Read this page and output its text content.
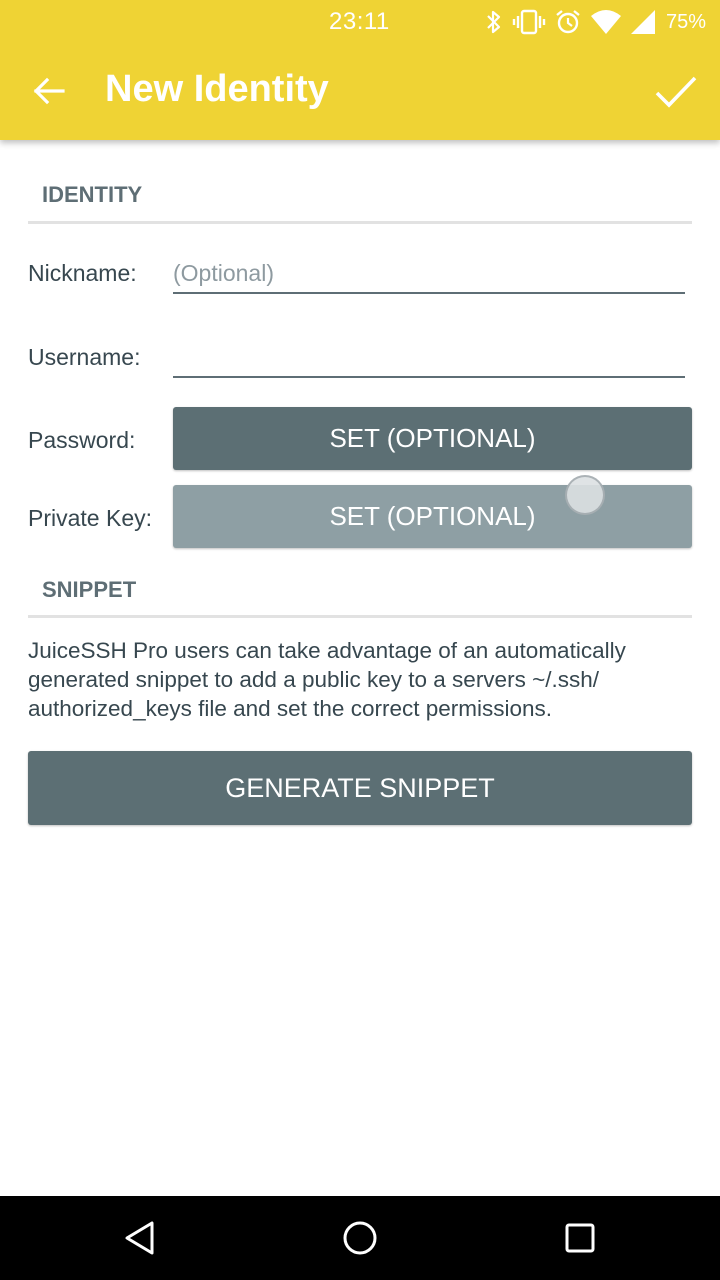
23:11	75%
New Identity
IDENTITY
Nickname:
(Optional)
Username:
Password:	SET (OPTIONAL)
Private Key:	SET (OPTIONAL)
SNIPPET
JuiceSSH Pro users can take advantage of an automatically generated snippet to add a public key to a servers ~/.ssh/ authorized_keys file and set the correct permissions.
GENERATE SNIPPET
